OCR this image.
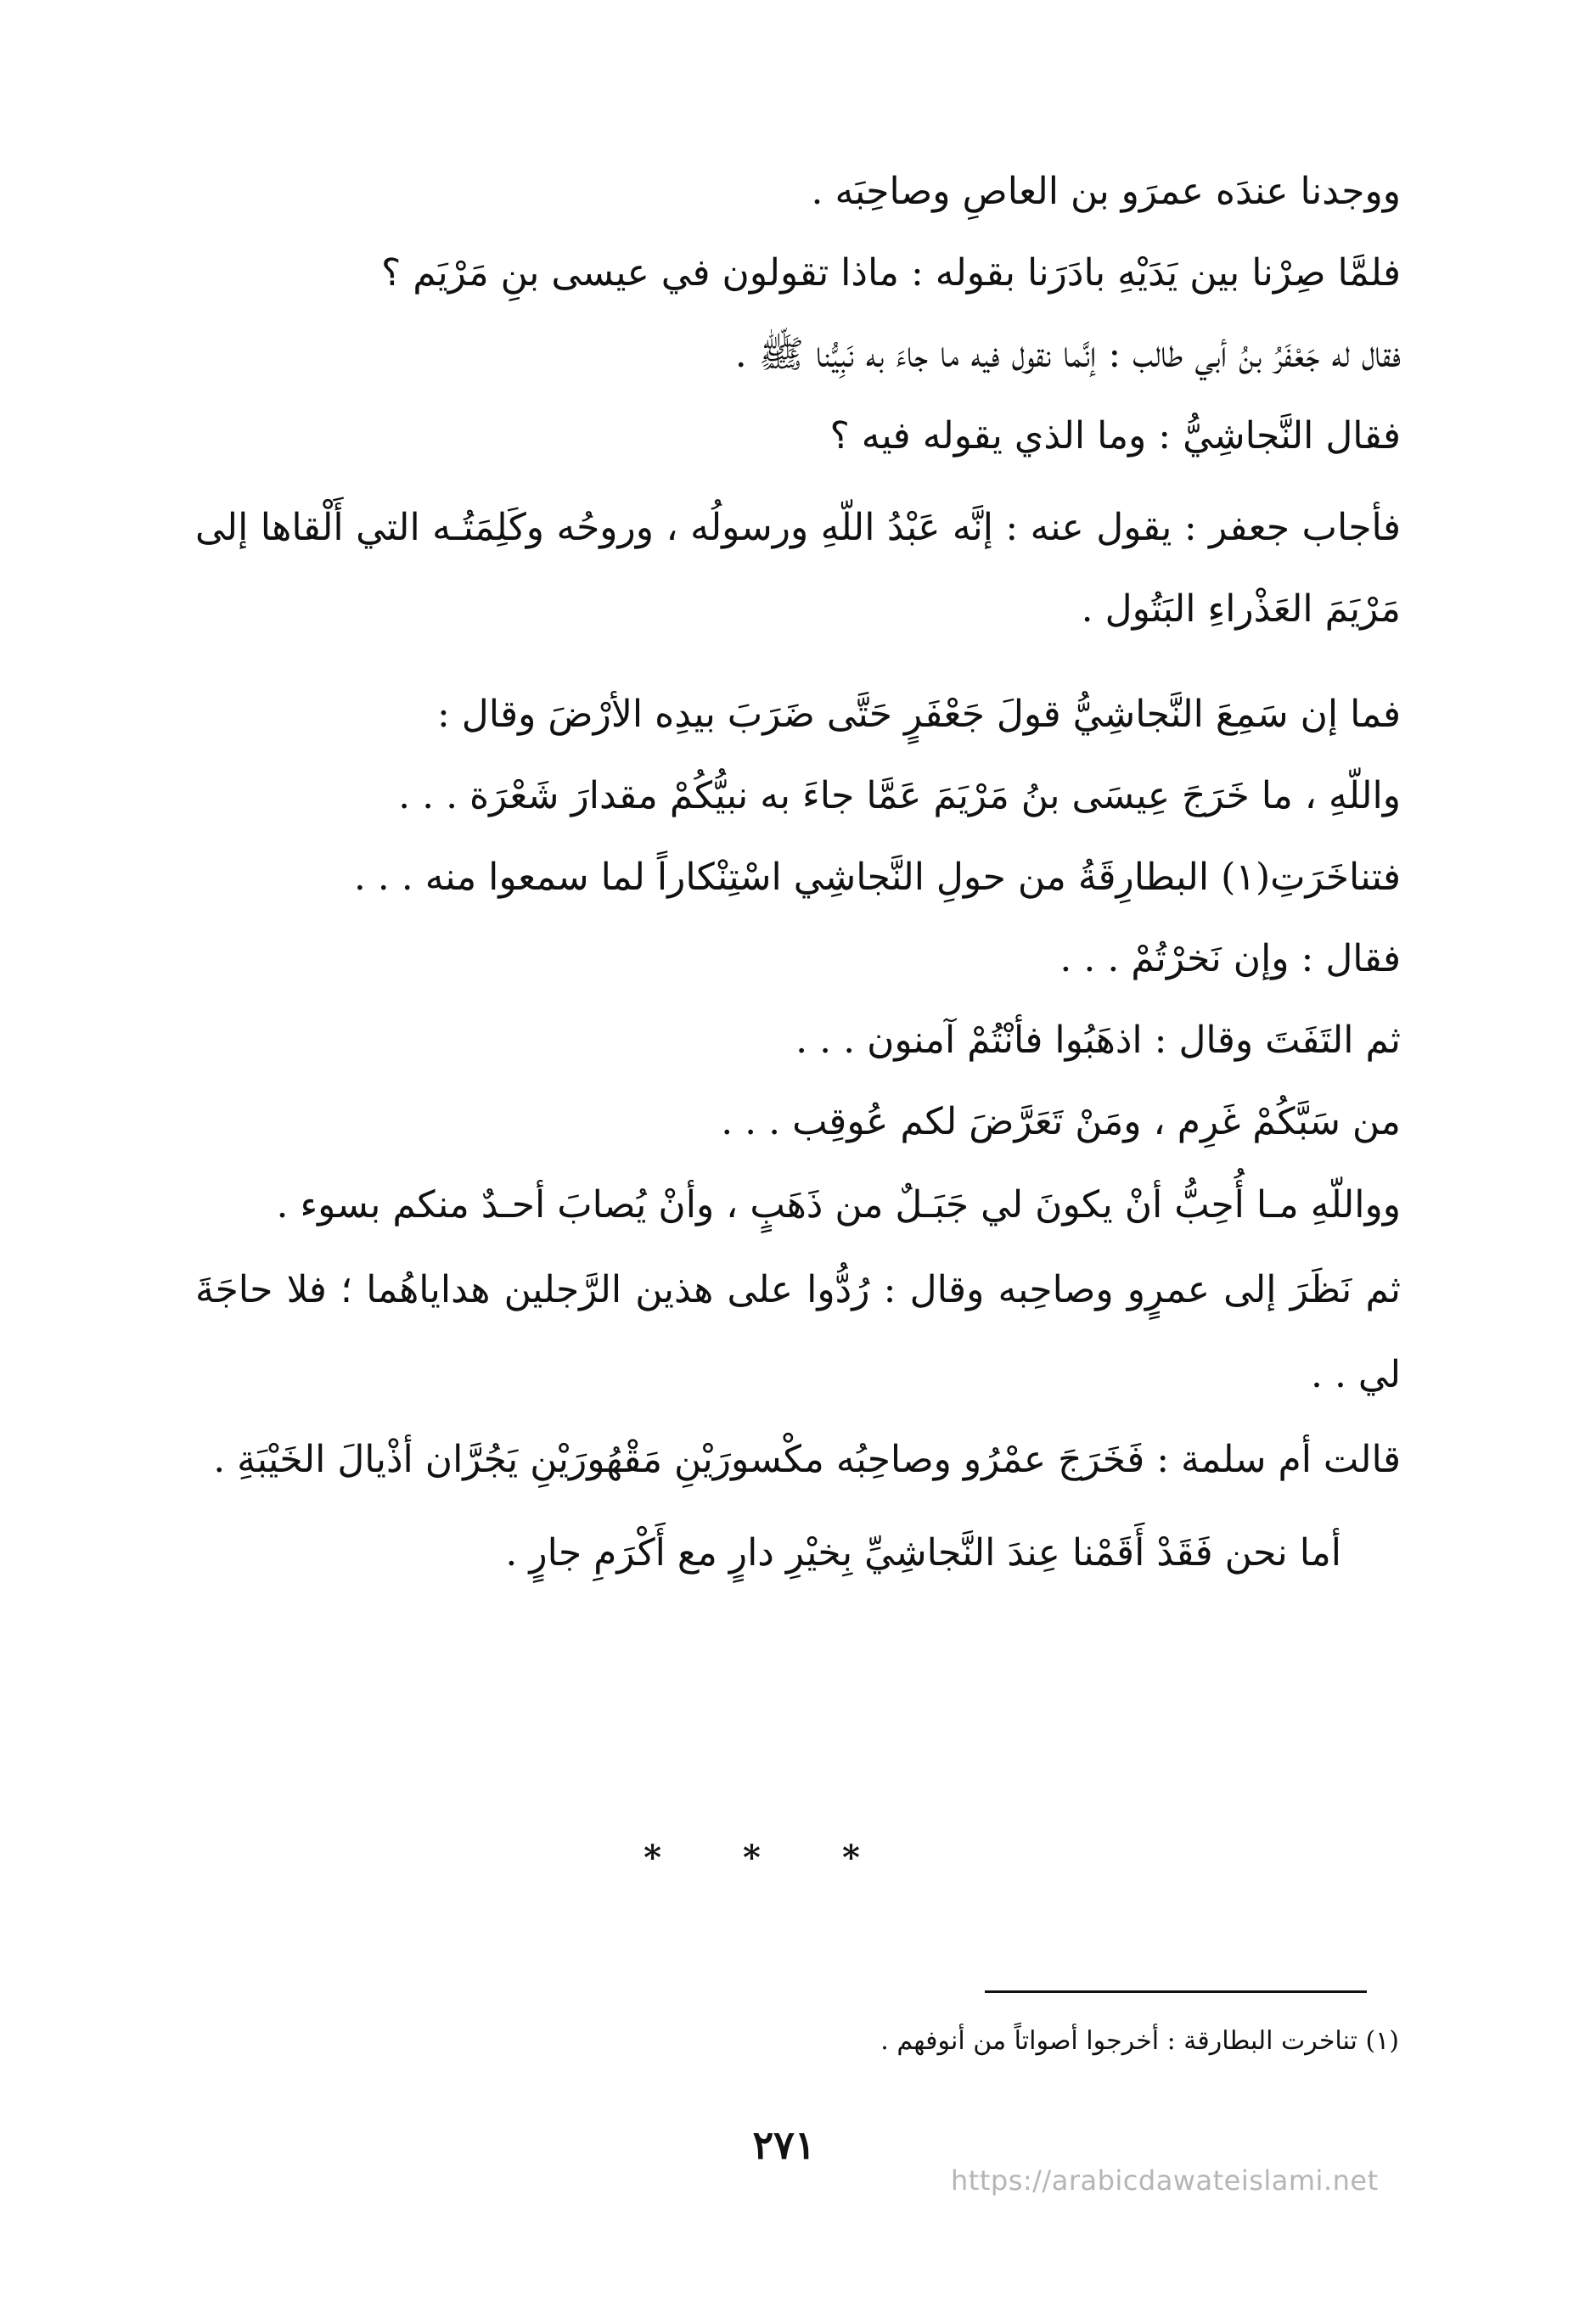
ووجدنا عندَه عمرَو بن العاصِ وصاحِبَه .

فلمَّا صِرْنا بين يَدَيْهِ بادَرَنا بقوله : ماذا تقولون في عيسى بنِ مَرْيَم ؟

فقال له جَعْفَرُ بنُ أبي طالب : إنَّما نقول فيه ما جاءَ به نَبِيُّنا ﷺ .

فقال النَّجاشِيُّ : وما الذي يقوله فيه ؟

فأجاب جعفر : يقول عنه : إنَّه عَبْدُ اللّهِ ورسولُه ، وروحُه وكَلِمَتُـه التي أَلْقاها إلى مَرْيَمَ العَذْراءِ البَتُول .

فما إن سَمِعَ النَّجاشِيُّ قولَ جَعْفَرٍ حَتَّى ضَرَبَ بيدِه الأرْضَ وقال :

واللّهِ ، ما خَرَجَ عِيسَى بنُ مَرْيَمَ عَمَّا جاءَ به نبيُّكُمْ مقدارَ شَعْرَة . . .

فتناخَرَتِ(١) البطارِقَةُ من حولِ النَّجاشِي اسْتِنْكاراً لما سمعوا منه . . .

فقال : وإن نَخرْتُمْ . . .

ثم التَفَتَ وقال : اذهَبُوا فأنْتُمْ آمنون . . .

من سَبَّكُمْ غَرِم ، ومَنْ تَعَرَّضَ لكم عُوقِب . . .

وواللّهِ مـا أُحِبُّ أنْ يكونَ لي جَبَـلٌ من ذَهَبٍ ، وأنْ يُصابَ أحـدٌ منكم بسوء .

ثم نَظَرَ إلى عمرٍو وصاحِبه وقال : رُدُّوا على هذين الرَّجلين هداياهُما ؛ فلا حاجَةَ لي . .

قالت أم سلمة : فَخَرَجَ عمْرُو وصاحِبُه مكْسورَيْنِ مَقْهُورَيْنِ يَجُرَّان أذْيالَ الخَيْبَةِ .

أما نحن فَقَدْ أَقَمْنا عِندَ النَّجاشِيِّ بِخيْرِ دارٍ مع أَكْرَمِ جارٍ .

* * *
(١) تناخرت البطارقة : أخرجوا أصواتاً من أنوفهم .
٢٧١
https://arabicdawateislami.net
